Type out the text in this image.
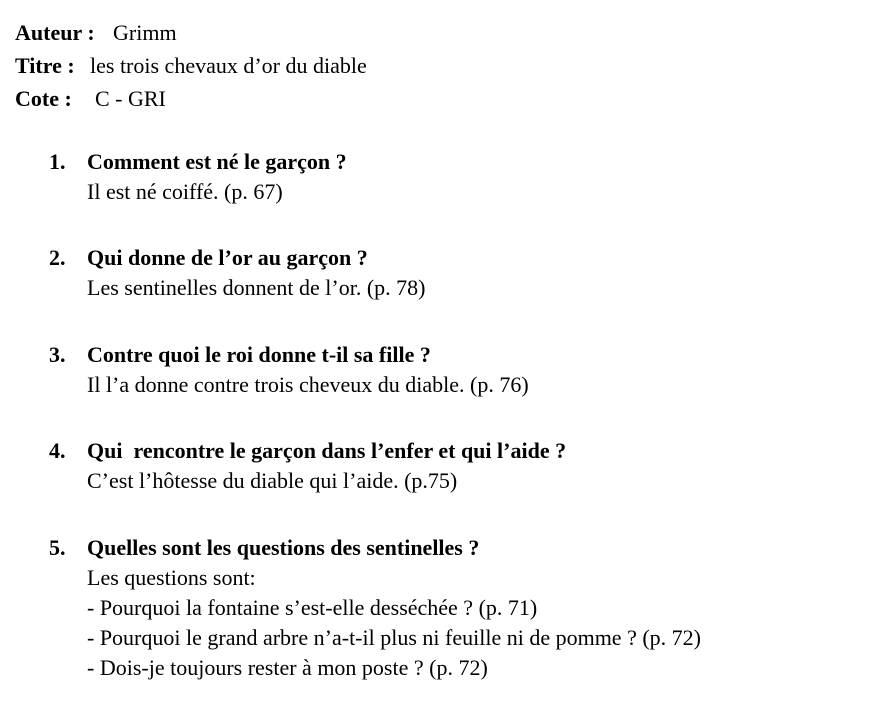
Auteur : Grimm
Titre : les trois chevaux d’or du diable
Cote : C - GRI
1. Comment est né le garçon ?
Il est né coiffé. (p. 67)
2. Qui donne de l’or au garçon ?
Les sentinelles donnent de l’or. (p. 78)
3. Contre quoi le roi donne t-il sa fille ?
Il l’a donne contre trois cheveux du diable. (p. 76)
4. Qui  rencontre le garçon dans l’enfer et qui l’aide ?
C’est l’hôtesse du diable qui l’aide. (p.75)
5. Quelles sont les questions des sentinelles ?
Les questions sont:
- Pourquoi la fontaine s’est-elle desséchée ? (p. 71)
- Pourquoi le grand arbre n’a-t-il plus ni feuille ni de pomme ? (p. 72)
- Dois-je toujours rester à mon poste ? (p. 72)
